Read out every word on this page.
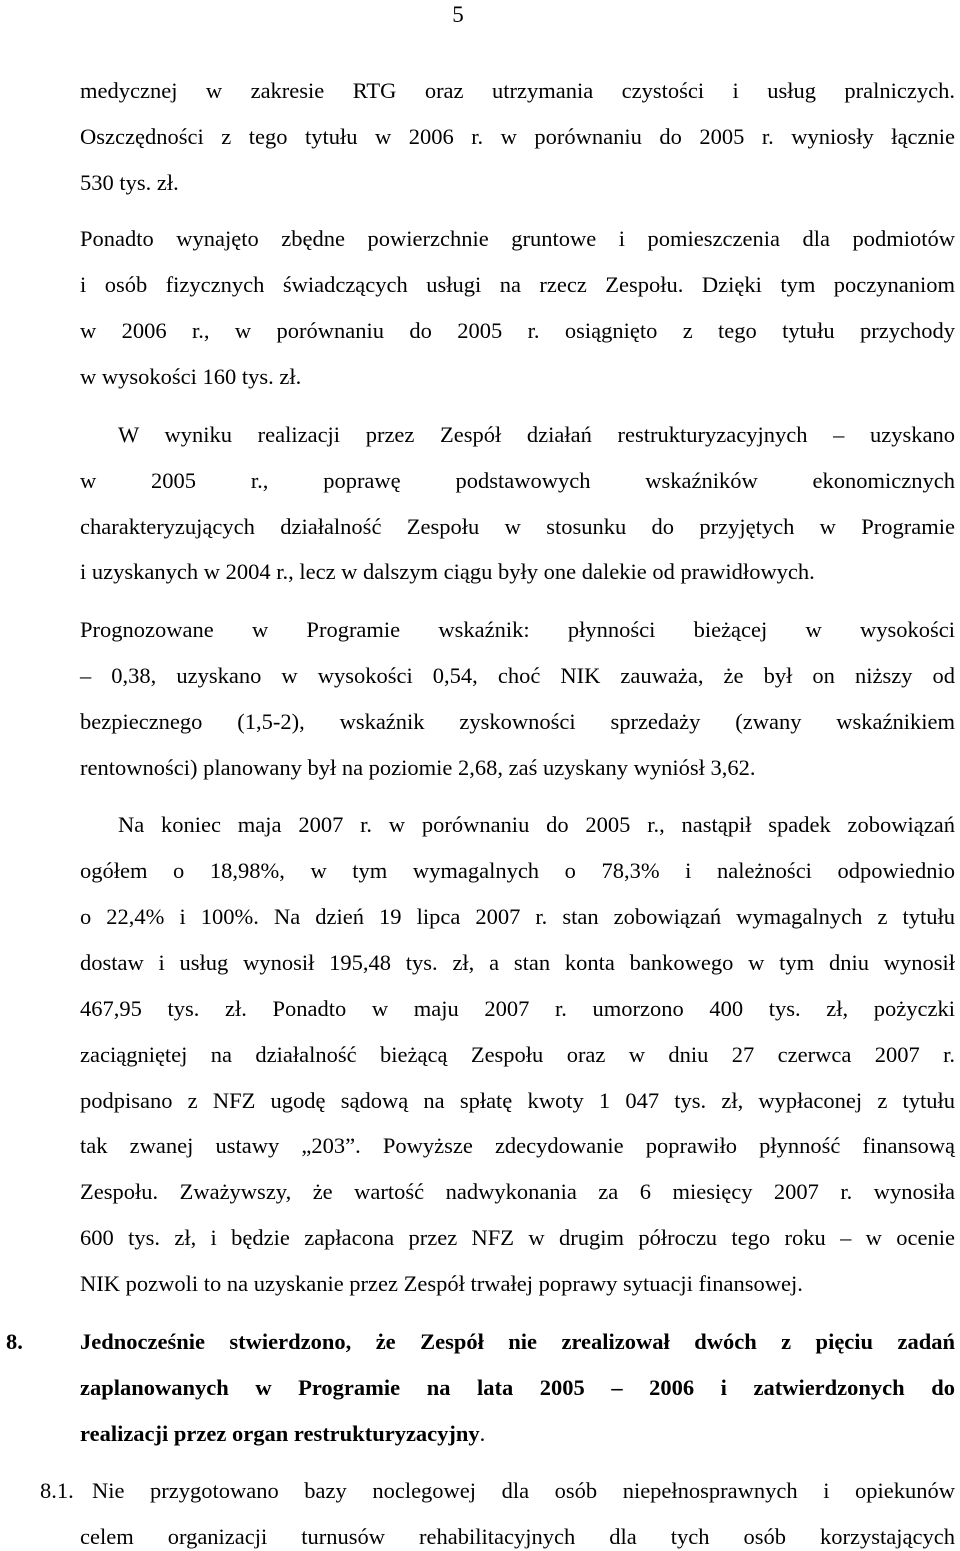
5
medycznej w zakresie RTG oraz utrzymania czystości i usług pralniczych.
Oszczędności z tego tytułu w 2006 r. w porównaniu do 2005 r. wyniosły łącznie
530 tys. zł.
Ponadto wynajęto zbędne powierzchnie gruntowe i pomieszczenia dla podmiotów
i osób fizycznych świadczących usługi na rzecz Zespołu. Dzięki tym poczynaniom
w 2006 r., w porównaniu do 2005 r. osiągnięto z tego tytułu przychody
w wysokości 160 tys. zł.
W wyniku realizacji przez Zespół działań restrukturyzacyjnych – uzyskano
w 2005 r., poprawę podstawowych wskaźników ekonomicznych
charakteryzujących działalność Zespołu w stosunku do przyjętych w Programie
i uzyskanych w 2004 r., lecz w dalszym ciągu były one dalekie od prawidłowych.
Prognozowane w Programie wskaźnik: płynności bieżącej w wysokości
– 0,38, uzyskano w wysokości 0,54, choć NIK zauważa, że był on niższy od
bezpiecznego (1,5-2), wskaźnik zyskowności sprzedaży (zwany wskaźnikiem
rentowności) planowany był na poziomie 2,68, zaś uzyskany wyniósł 3,62.
Na koniec maja 2007 r. w porównaniu do 2005 r., nastąpił spadek zobowiązań
ogółem o 18,98%, w tym wymagalnych o 78,3% i należności odpowiednio
o 22,4% i 100%. Na dzień 19 lipca 2007 r. stan zobowiązań wymagalnych z tytułu
dostaw i usług wynosił 195,48 tys. zł, a stan konta bankowego w tym dniu wynosił
467,95 tys. zł. Ponadto w maju 2007 r. umorzono 400 tys. zł, pożyczki
zaciągniętej na działalność bieżącą Zespołu oraz w dniu 27 czerwca 2007 r.
podpisano z NFZ ugodę sądową na spłatę kwoty 1 047 tys. zł, wypłaconej z tytułu
tak zwanej ustawy „203”. Powyższe zdecydowanie poprawiło płynność finansową
Zespołu. Zważywszy, że wartość nadwykonania za 6 miesięcy 2007 r. wynosiła
600 tys. zł, i będzie zapłacona przez NFZ w drugim półroczu tego roku – w ocenie
NIK pozwoli to na uzyskanie przez Zespół trwałej poprawy sytuacji finansowej.
8.	Jednocześnie stwierdzono, że Zespół nie zrealizował dwóch z pięciu zadań
zaplanowanych w Programie na lata 2005 – 2006 i zatwierdzonych do
realizacji przez organ restrukturyzacyjny.
8.1. Nie przygotowano bazy noclegowej dla osób niepełnosprawnych i opiekunów
celem organizacji turnusów rehabilitacyjnych dla tych osób korzystających
